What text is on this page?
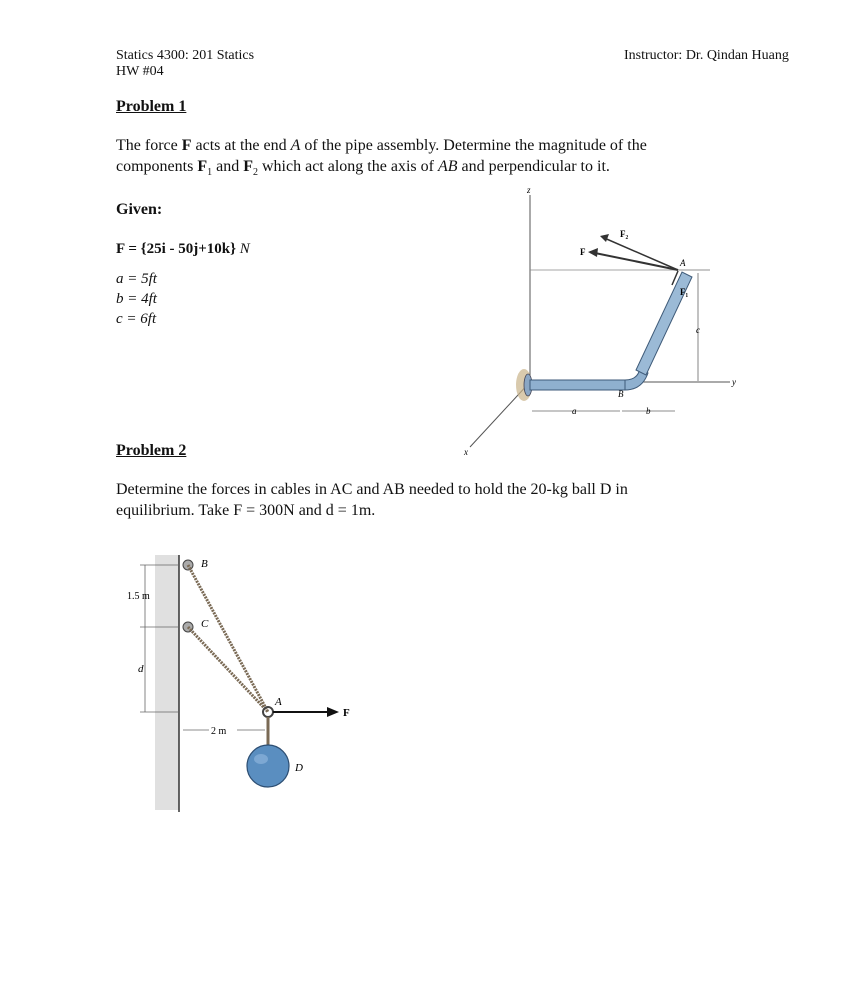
Statics 4300: 201 Statics
HW #04
Instructor: Dr. Qindan Huang
Problem 1
The force F acts at the end A of the pipe assembly. Determine the magnitude of the
components $F_1$ and $F_2$ which act along the axis of AB and perpendicular to it.
Given:
F = {25i - 50j+10k} N
a = 5ft
b = 4ft
c = 6ft
z
y
x
c
a	b
B
F
F₂
F₁
A
Problem 2
Determine the forces in cables in AC and AB needed to hold the 20-kg ball D in
equilibrium. Take F = 300N and d = 1m.
1.5 m
d
B
C
A
F
2 m
D
